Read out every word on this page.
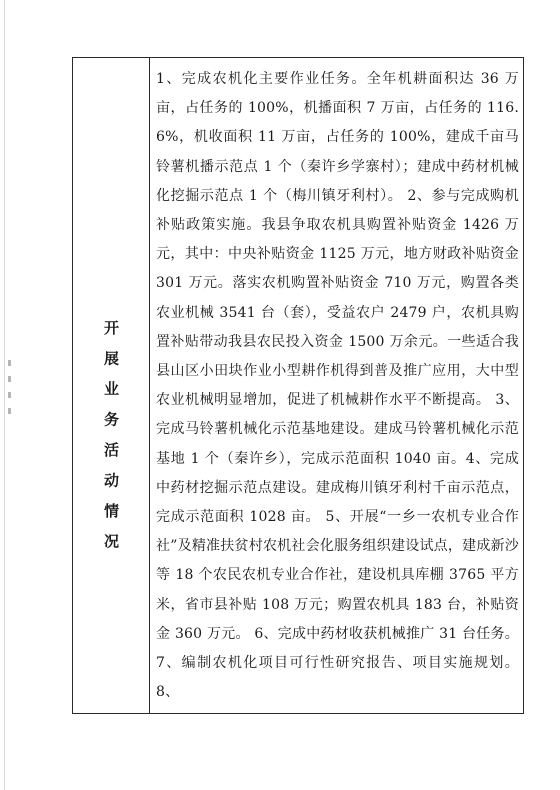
开展业务活动情况

1、完成农机化主要作业任务。全年机耕面积达 36 万亩，占任务的 100%，机播面积 7 万亩，占任务的 116.6%，机收面积 11 万亩，占任务的 100%，建成千亩马铃薯机播示范点 1 个（秦许乡学寨村）；建成中药材机械化挖掘示范点 1 个（梅川镇牙利村）。 2、参与完成购机补贴政策实施。我县争取农机具购置补贴资金 1426 万元，其中：中央补贴资金 1125 万元，地方财政补贴资金 301 万元。落实农机购置补贴资金 710 万元，购置各类农业机械 3541 台（套），受益农户 2479 户，农机具购置补贴带动我县农民投入资金 1500 万余元。一些适合我县山区小田块作业小型耕作机得到普及推广应用，大中型农业机械明显增加，促进了机械耕作水平不断提高。 3、完成马铃薯机械化示范基地建设。建成马铃薯机械化示范基地 1 个（秦许乡），完成示范面积 1040 亩。4、完成中药材挖掘示范点建设。建成梅川镇牙利村千亩示范点，完成示范面积 1028 亩。 5、开展“一乡一农机专业合作社”及精准扶贫村农机社会化服务组织建设试点，建成新沙等 18 个农民农机专业合作社，建设机具库棚 3765 平方米，省市县补贴 108 万元；购置农机具 183 台，补贴资金 360 万元。 6、完成中药材收获机械推广 31 台任务。 7、编制农机化项目可行性研究报告、项目实施规划。 8、
